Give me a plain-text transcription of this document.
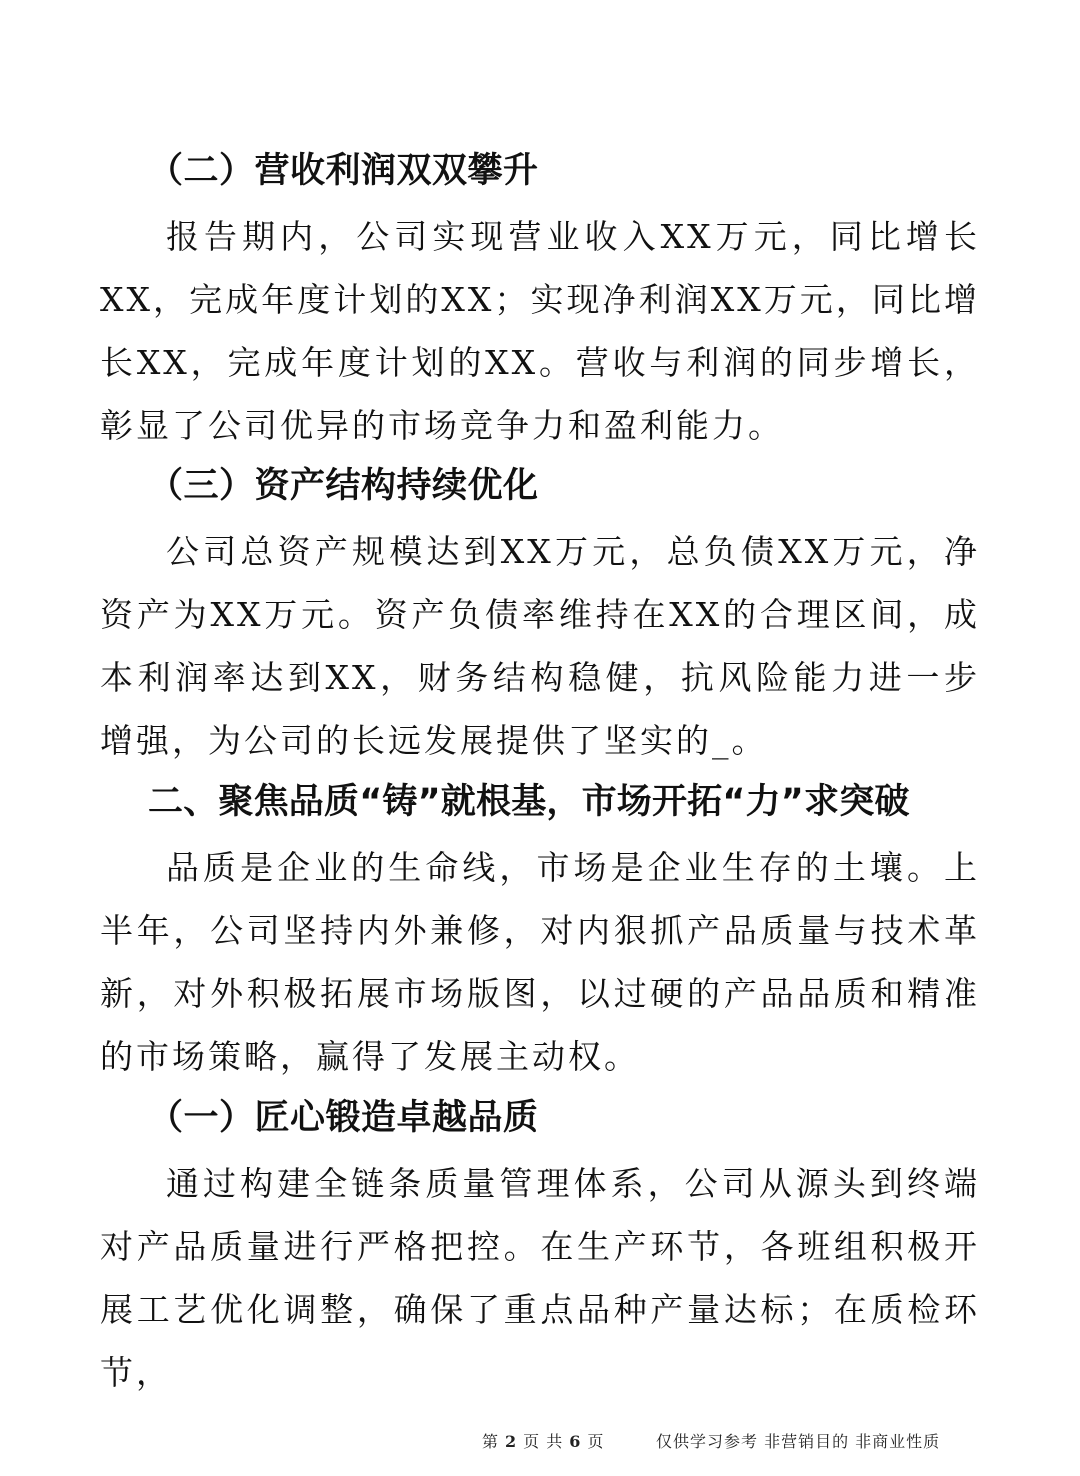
（二）营收利润双双攀升
报告期内，公司实现营业收入XX万元，同比增长XX，完成年度计划的XX；实现净利润XX万元，同比增长XX，完成年度计划的XX。营收与利润的同步增长，彰显了公司优异的市场竞争力和盈利能力。
（三）资产结构持续优化
公司总资产规模达到XX万元，总负债XX万元，净资产为XX万元。资产负债率维持在XX的合理区间，成本利润率达到XX，财务结构稳健，抗风险能力进一步增强，为公司的长远发展提供了坚实的_。
二、聚焦品质“铸”就根基，市场开拓“力”求突破
品质是企业的生命线，市场是企业生存的土壤。上半年，公司坚持内外兼修，对内狠抓产品质量与技术革新，对外积极拓展市场版图，以过硬的产品品质和精准的市场策略，赢得了发展主动权。
（一）匠心锻造卓越品质
通过构建全链条质量管理体系，公司从源头到终端对产品质量进行严格把控。在生产环节，各班组积极开展工艺优化调整，确保了重点品种产量达标；在质检环节，
第 2 页 共 6 页	仅供学习参考 非营销目的 非商业性质
